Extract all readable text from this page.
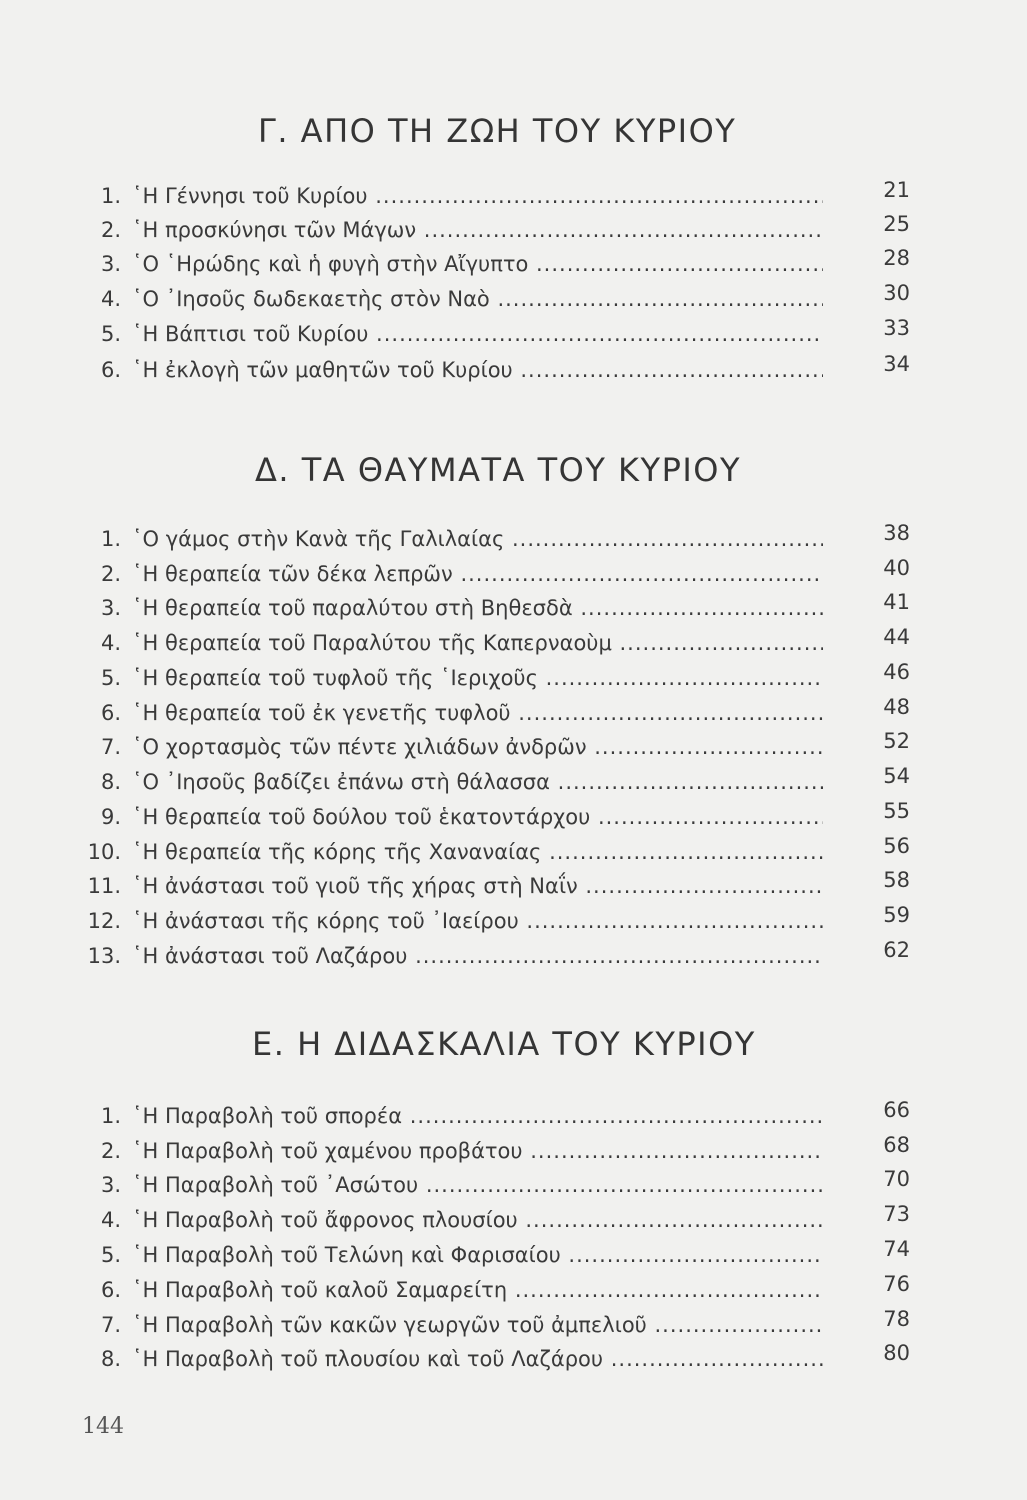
Γ. ΑΠΟ ΤΗ ΖΩΗ ΤΟΥ ΚΥΡΙΟΥ
1. ῾Η Γέννησι τοῦ Κυρίου .....	21
2. ῾Η προσκύνησι τῶν Μάγων .....	25
3. ῾Ο ῾Ηρώδης καὶ ἡ φυγὴ στὴν Αἴγυπτο .....	28
4. ῾Ο ᾿Ιησοῦς δωδεκαετὴς στὸν Ναὸ .....	30
5. ῾Η Βάπτισι τοῦ Κυρίου .....	33
6. ῾Η ἐκλογὴ τῶν μαθητῶν τοῦ Κυρίου .....	34
Δ. ΤΑ ΘΑΥΜΑΤΑ ΤΟΥ ΚΥΡΙΟΥ
1. ῾Ο γάμος στὴν Κανὰ τῆς Γαλιλαίας .....	38
2. ῾Η θεραπεία τῶν δέκα λεπρῶν .....	40
3. ῾Η θεραπεία τοῦ παραλύτου στὴ Βηθεσδὰ .....	41
4. ῾Η θεραπεία τοῦ Παραλύτου τῆς Καπερναοὺμ .....	44
5. ῾Η θεραπεία τοῦ τυφλοῦ τῆς ῾Ιεριχοῦς .....	46
6. ῾Η θεραπεία τοῦ ἐκ γενετῆς τυφλοῦ .....	48
7. ῾Ο χορτασμὸς τῶν πέντε χιλιάδων ἀνδρῶν .....	52
8. ῾Ο ᾿Ιησοῦς βαδίζει ἐπάνω στὴ θάλασσα .....	54
9. ῾Η θεραπεία τοῦ δούλου τοῦ ἑκατοντάρχου .....	55
10. ῾Η θεραπεία τῆς κόρης τῆς Χαναναίας .....	56
11. ῾Η ἀνάστασι τοῦ γιοῦ τῆς χήρας στὴ Ναΐν .....	58
12. ῾Η ἀνάστασι τῆς κόρης τοῦ ᾿Ιαείρου .....	59
13. ῾Η ἀνάστασι τοῦ Λαζάρου .....	62
Ε. Η ΔΙΔΑΣΚΑΛΙΑ ΤΟΥ ΚΥΡΙΟΥ
1. ῾Η Παραβολὴ τοῦ σπορέα .....	66
2. ῾Η Παραβολὴ τοῦ χαμένου προβάτου .....	68
3. ῾Η Παραβολὴ τοῦ ᾿Ασώτου .....	70
4. ῾Η Παραβολὴ τοῦ ἄφρονος πλουσίου .....	73
5. ῾Η Παραβολὴ τοῦ Τελώνη καὶ Φαρισαίου .....	74
6. ῾Η Παραβολὴ τοῦ καλοῦ Σαμαρείτη .....	76
7. ῾Η Παραβολὴ τῶν κακῶν γεωργῶν τοῦ ἀμπελιοῦ .....	78
8. ῾Η Παραβολὴ τοῦ πλουσίου καὶ τοῦ Λαζάρου .....	80
144
